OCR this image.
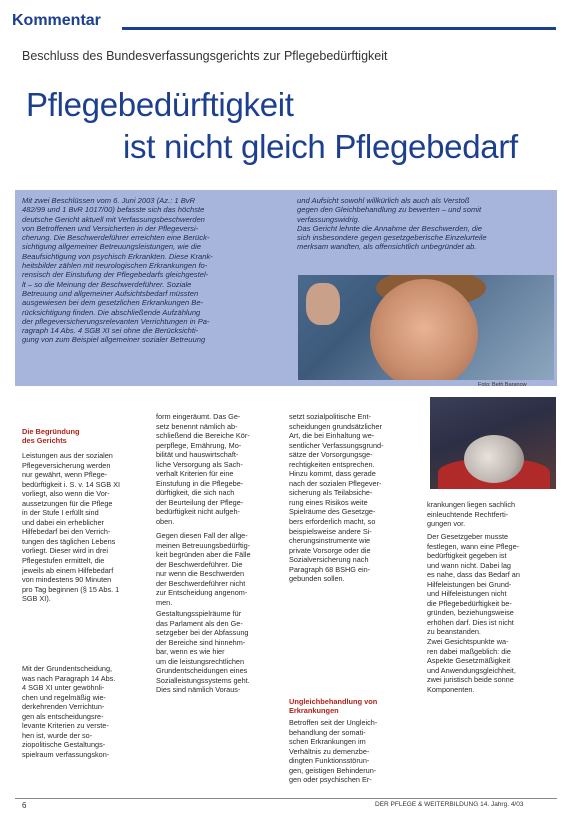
Kommentar
Beschluss des Bundesverfassungsgerichts zur Pflegebedürftigkeit
Pflegebedürftigkeit
ist nicht gleich Pflegebedarf
Mit zwei Beschlüssen vom 6. Juni 2003 (Az.: 1 BvR
482/99 und 1 BvR 1017/00) befasste sich das höchste
deutsche Gericht aktuell mit Verfassungsbeschwerden
von Betroffenen und Versicherten in der Pflegeversi-
cherung. Die Beschwerdeführer erreichten eine Berück-
sichtigung allgemeiner Betreuungsleistungen, wie die
Beaufsichtigung von psychisch Erkrankten. Diese Krank-
heitsbilder zählen mit neurologischen Erkrankungen fo-
rensisch der Einstufung der Pflegebedarfs gleichgestel-
lt – so die Meinung der Beschwerdeführer. Soziale
Betreuung und allgemeiner Aufsichtsbedarf müssten
ausgewiesen bei dem gesetzlichen Erkrankungen Be-
rücksichtigung finden. Die abschließende Aufzählung
der pflegeversicherungsrelevanten Verrichtungen in Pa-
ragraph 14 Abs. 4 SGB XI sei ohne die Berücksichti-
gung von zum Beispiel allgemeiner sozialer Betreuung
und Aufsicht sowohl willkürlich als auch als Verstoß
gegen den Gleichbehandlung zu bewerten – und somit
verfassungswidrig.
Das Gericht lehnte die Annahme der Beschwerden, die
sich insbesondere gegen gesetzgeberische Einzelurteile
merksam wandten, als offensichtlich unbegründet ab.
Foto: Beth Baranow
Die Begründung
des Gerichts
Leistungen aus der sozialen
Pflegeversicherung werden
nur gewährt, wenn Pflege-
bedürftigkeit i. S. v. 14 SGB XI
vorliegt, also wenn die Vor-
aussetzungen für die Pflege
in der Stufe I erfüllt sind
und dabei ein erheblicher
Hilfebedarf bei den Verrich-
tungen des täglichen Lebens
vorliegt. Dieser wird in drei
Pflegestufen ermittelt, die
jeweils ab einem Hilfebedarf
von mindestens 90 Minuten
pro Tag beginnen (§ 15 Abs. 1
SGB XI).
Mit der Grundentscheidung,
was nach Paragraph 14 Abs.
4 SGB XI unter gewöhnli-
chen und regelmäßig wie-
derkehrenden Verrichtun-
gen als entscheidungsre-
levante Kriterien zu verste-
hen ist, wurde der so-
ziopolitische Gestaltungs-
spielraum verfassungskon-
form eingeräumt. Das Ge-
setz benennt nämlich ab-
schließend die Bereiche Kör-
perpflege, Ernährung, Mo-
bilität und hauswirtschaft-
liche Versorgung als Sach-
verhalt Kriterien für eine
Einstufung in die Pflegebe-
dürftigkeit, die sich nach
der Beurteilung der Pflege-
bedürftigkeit nicht aufgeh-
oben.
Gegen diesen Fall der allge-
meinen Betreuungsbedürftig-
keit begründen aber die Fälle
der Beschwerdeführer. Die
nur wenn die Beschwerden
der Beschwerdeführer nicht
zur Entscheidung angenom-
men.
Gestaltungsspielräume für
das Parlament als den Ge-
setzgeber bei der Abfassung
der Bereiche sind hinnehm-
bar, wenn es wie hier
um die leistungsrechtlichen
Grundentscheidungen eines
Sozialleistungssystems geht.
Dies sind nämlich Voraus-
setzt sozialpolitische Ent-
scheidungen grundsätzlicher
Art, die bei Einhaltung we-
sentlicher Verfassungsgrund-
sätze der Vorsorgungsge-
rechtigkeiten entsprechen.
Hinzu kommt, dass gerade
nach der sozialen Pflegever-
sicherung als Teilabsiche-
rung eines Risikos weite
Spielräume des Gesetzge-
bers erforderlich macht, so
beispielsweise andere Si-
cherungsinstrumente wie
private Vorsorge oder die
Sozialversicherung nach
Paragraph 68 BSHG ein-
gebunden sollen.
Ungleichbehandlung von Erkrankungen
Betroffen seit der Ungleich-
behandlung der somati-
schen Erkrankungen im
Verhältnis zu demenzbe-
dingten Funktionsstörun-
gen, geistigen Behinderun-
gen oder psychischen Er-
krankungen liegen sachlich
einleuchtende Rechtferti-
gungen vor.
Der Gesetzgeber musste
festlegen, wann eine Pflege-
bedürftigkeit gegeben ist
und wann nicht. Dabei lag
es nahe, dass das Bedarf an
Hilfeleistungen bei Grund-
und Hilfeleistungen nicht
die Pflegebedürftigkeit be-
gründen, beziehungsweise
erhöhen darf. Dies ist nicht
zu beanstanden.
Zwei Gesichtspunkte wa-
ren dabei maßgeblich: die
Aspekte Gesetzmäßigkeit
und Anwendungsgleichheit,
zwei juristisch beide sonne
Komponenten.
6	DER PFLEGE & WEITERBILDUNG 14. Jahrg. 4/03
